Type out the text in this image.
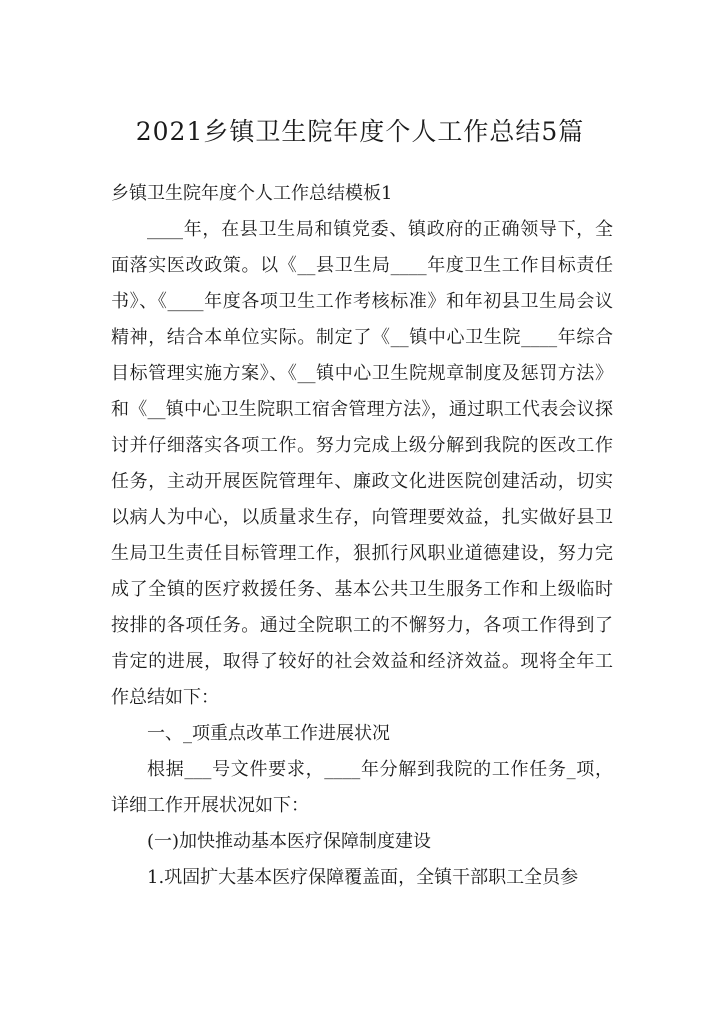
2021乡镇卫生院年度个人工作总结5篇

乡镇卫生院年度个人工作总结模板1

____年，在县卫生局和镇党委、镇政府的正确领导下，全面落实医改政策。以《__县卫生局____年度卫生工作目标责任书》、《____年度各项卫生工作考核标准》和年初县卫生局会议精神，结合本单位实际。制定了《__镇中心卫生院____年综合目标管理实施方案》、《__镇中心卫生院规章制度及惩罚方法》和《__镇中心卫生院职工宿舍管理方法》，通过职工代表会议探讨并仔细落实各项工作。努力完成上级分解到我院的医改工作任务，主动开展医院管理年、廉政文化进医院创建活动，切实以病人为中心，以质量求生存，向管理要效益，扎实做好县卫生局卫生责任目标管理工作，狠抓行风职业道德建设，努力完成了全镇的医疗救援任务、基本公共卫生服务工作和上级临时按排的各项任务。通过全院职工的不懈努力，各项工作得到了肯定的进展，取得了较好的社会效益和经济效益。现将全年工作总结如下：

一、_项重点改革工作进展状况

根据___号文件要求，____年分解到我院的工作任务_项，详细工作开展状况如下：

(一)加快推动基本医疗保障制度建设

1.巩固扩大基本医疗保障覆盖面，全镇干部职工全员参
